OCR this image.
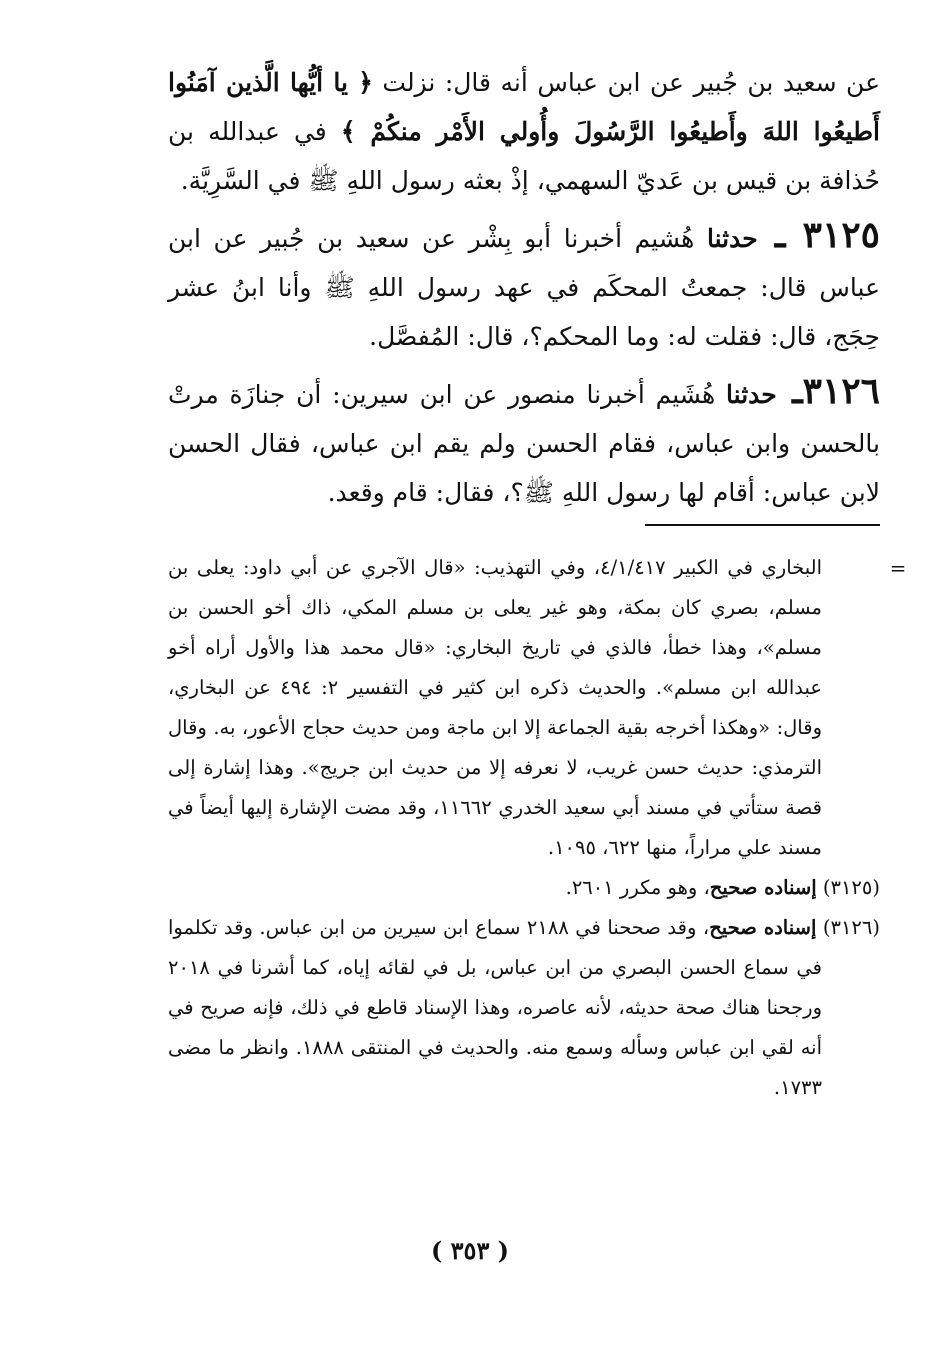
عن سعيد بن جُبير عن ابن عباس أنه قال: نزلت ﴿ يا أيُّها الَّذين آمَنُوا أَطيعُوا اللهَ وأَطيعُوا الرَّسُولَ وأُولي الأَمْر منكُمْ ﴾ في عبدالله بن حُذافة بن قيس بن عَديّ السهمي، إذْ بعثه رسول اللهِ ﷺ في السَّرِيَّة.

٣١٢٥ ـ حدثنا هُشيم أخبرنا أبو بِشْر عن سعيد بن جُبير عن ابن عباس قال: جمعتُ المحكَم في عهد رسول اللهِ ﷺ وأنا ابنُ عشر حِجَج، قال: فقلت له: وما المحكم؟، قال: المُفصَّل.

٣١٢٦ـ حدثنا هُشَيم أخبرنا منصور عن ابن سيرين: أن جنازَة مرتْ بالحسن وابن عباس، فقام الحسن ولم يقم ابن عباس، فقال الحسن لابن عباس: أقام لها رسول اللهِ ﷺ؟، فقال: قام وقعد.

=

البخاري في الكبير ٤/١/٤١٧، وفي التهذيب: «قال الآجري عن أبي داود: يعلى بن مسلم، بصري كان بمكة، وهو غير يعلى بن مسلم المكي، ذاك أخو الحسن بن مسلم»، وهذا خطأ، فالذي في تاريخ البخاري: «قال محمد هذا والأول أراه أخو عبدالله ابن مسلم». والحديث ذكره ابن كثير في التفسير ٢: ٤٩٤ عن البخاري، وقال: «وهكذا أخرجه بقية الجماعة إلا ابن ماجة ومن حديث حجاج الأعور، به. وقال الترمذي: حديث حسن غريب، لا نعرفه إلا من حديث ابن جريج». وهذا إشارة إلى قصة ستأتي في مسند أبي سعيد الخدري ١١٦٦٢، وقد مضت الإشارة إليها أيضاً في مسند علي مراراً، منها ٦٢٢، ١٠٩٥.

(٣١٢٥) إسناده صحيح، وهو مكرر ٢٦٠١.

(٣١٢٦) إسناده صحيح، وقد صححنا في ٢١٨٨ سماع ابن سيرين من ابن عباس. وقد تكلموا في سماع الحسن البصري من ابن عباس، بل في لقائه إياه، كما أشرنا في ٢٠١٨ ورجحنا هناك صحة حديثه، لأنه عاصره، وهذا الإسناد قاطع في ذلك، فإنه صريح في أنه لقي ابن عباس وسأله وسمع منه. والحديث في المنتقى ١٨٨٨. وانظر ما مضى ١٧٣٣.

( ٣٥٣ )
